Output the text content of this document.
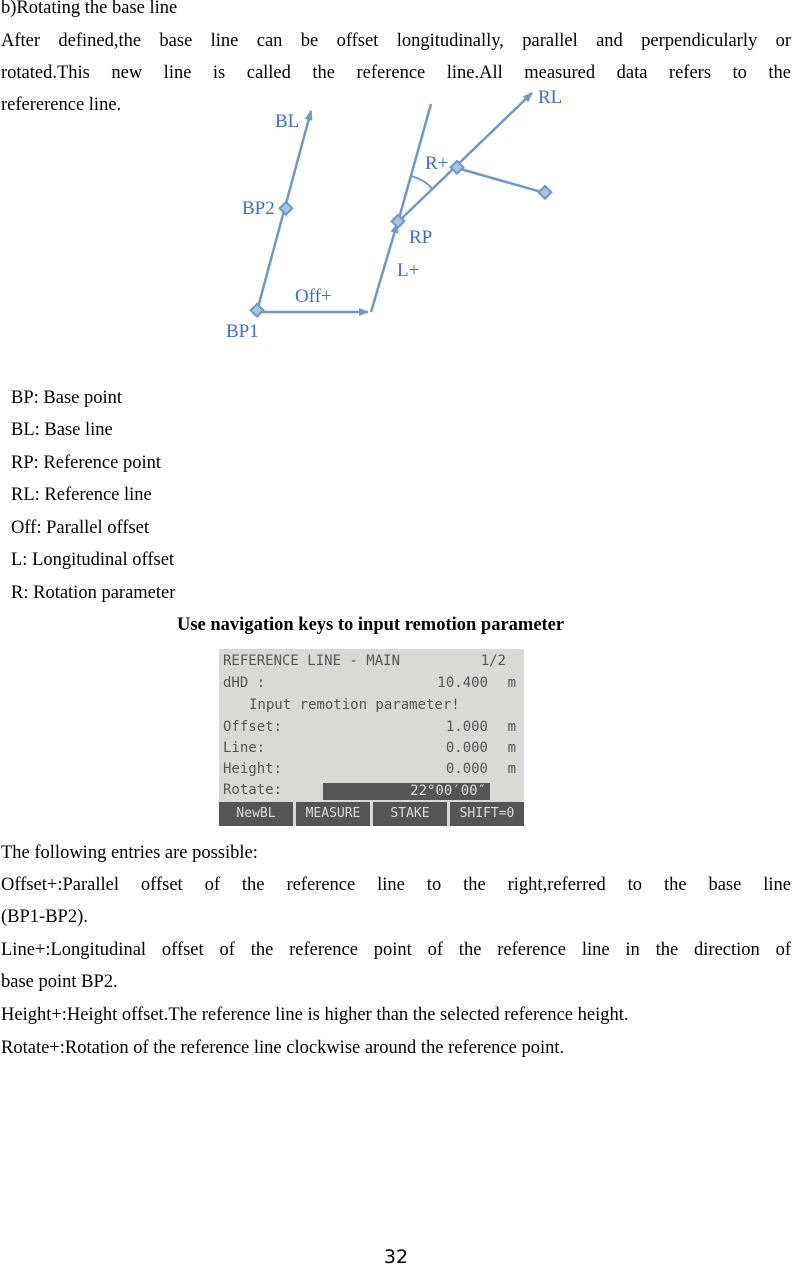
b)Rotating the base line
After defined,the base line can be offset longitudinally, parallel and perpendicularly or
rotated.This new line is called the reference line.All measured data refers to the
refererence line.
BL
BP2
BP1
Off+
RL
R+
RP
L+
BP: Base point
BL: Base line
RP: Reference point
RL: Reference line
Off: Parallel offset
L: Longitudinal offset
R: Rotation parameter
Use navigation keys to input remotion parameter
REFERENCE LINE - MAIN	1/2
dHD :	10.400 m
Input remotion parameter!
Offset:	1.000 m
Line:	0.000 m
Height:	0.000 m
Rotate:	22°00′00″
NewBL	MEASURE	STAKE	SHIFT=0
The following entries are possible:
Offset+:Parallel offset of the reference line to the right,referred to the base line
(BP1-BP2).
Line+:Longitudinal offset of the reference point of the reference line in the direction of
base point BP2.
Height+:Height offset.The reference line is higher than the selected reference height.
Rotate+:Rotation of the reference line clockwise around the reference point.
32
